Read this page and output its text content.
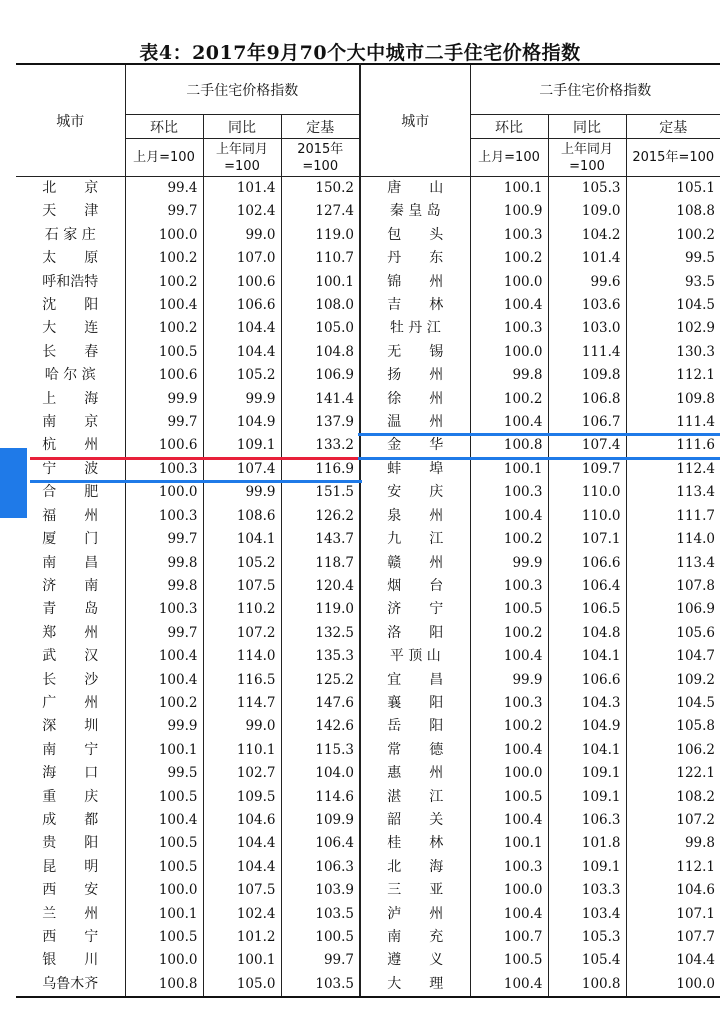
表4：2017年9月70个大中城市二手住宅价格指数
城市	二手住宅价格指数			城市	二手住宅价格指数		
	环比	同比	定基		环比	同比	定基
	上月=100	上年同月=100	2015年=100		上月=100	上年同月=100	2015年=100
北　　京	99.4	101.4	150.2	唐　　山	100.1	105.3	105.1
天　　津	99.7	102.4	127.4	秦 皇 岛	100.9	109.0	108.8
石 家 庄	100.0	99.0	119.0	包　　头	100.3	104.2	100.2
太　　原	100.2	107.0	110.7	丹　　东	100.2	101.4	99.5
呼和浩特	100.2	100.6	100.1	锦　　州	100.0	99.6	93.5
沈　　阳	100.4	106.6	108.0	吉　　林	100.4	103.6	104.5
大　　连	100.2	104.4	105.0	牡 丹 江	100.3	103.0	102.9
长　　春	100.5	104.4	104.8	无　　锡	100.0	111.4	130.3
哈 尔 滨	100.6	105.2	106.9	扬　　州	99.8	109.8	112.1
上　　海	99.9	99.9	141.4	徐　　州	100.2	106.8	109.8
南　　京	99.7	104.9	137.9	温　　州	100.4	106.7	111.4
杭　　州	100.6	109.1	133.2	金　　华	100.8	107.4	111.6
宁　　波	100.3	107.4	116.9	蚌　　埠	100.1	109.7	112.4
合　　肥	100.0	99.9	151.5	安　　庆	100.3	110.0	113.4
福　　州	100.3	108.6	126.2	泉　　州	100.4	110.0	111.7
厦　　门	99.7	104.1	143.7	九　　江	100.2	107.1	114.0
南　　昌	99.8	105.2	118.7	赣　　州	99.9	106.6	113.4
济　　南	99.8	107.5	120.4	烟　　台	100.3	106.4	107.8
青　　岛	100.3	110.2	119.0	济　　宁	100.5	106.5	106.9
郑　　州	99.7	107.2	132.5	洛　　阳	100.2	104.8	105.6
武　　汉	100.4	114.0	135.3	平 顶 山	100.4	104.1	104.7
长　　沙	100.4	116.5	125.2	宜　　昌	99.9	106.6	109.2
广　　州	100.2	114.7	147.6	襄　　阳	100.3	104.3	104.5
深　　圳	99.9	99.0	142.6	岳　　阳	100.2	104.9	105.8
南　　宁	100.1	110.1	115.3	常　　德	100.4	104.1	106.2
海　　口	99.5	102.7	104.0	惠　　州	100.0	109.1	122.1
重　　庆	100.5	109.5	114.6	湛　　江	100.5	109.1	108.2
成　　都	100.4	104.6	109.9	韶　　关	100.4	106.3	107.2
贵　　阳	100.5	104.4	106.4	桂　　林	100.1	101.8	99.8
昆　　明	100.5	104.4	106.3	北　　海	100.3	109.1	112.1
西　　安	100.0	107.5	103.9	三　　亚	100.0	103.3	104.6
兰　　州	100.1	102.4	103.5	泸　　州	100.4	103.4	107.1
西　　宁	100.5	101.2	100.5	南　　充	100.7	105.3	107.7
银　　川	100.0	100.1	99.7	遵　　义	100.5	105.4	104.4
乌鲁木齐	100.8	105.0	103.5	大　　理	100.4	100.8	100.0
